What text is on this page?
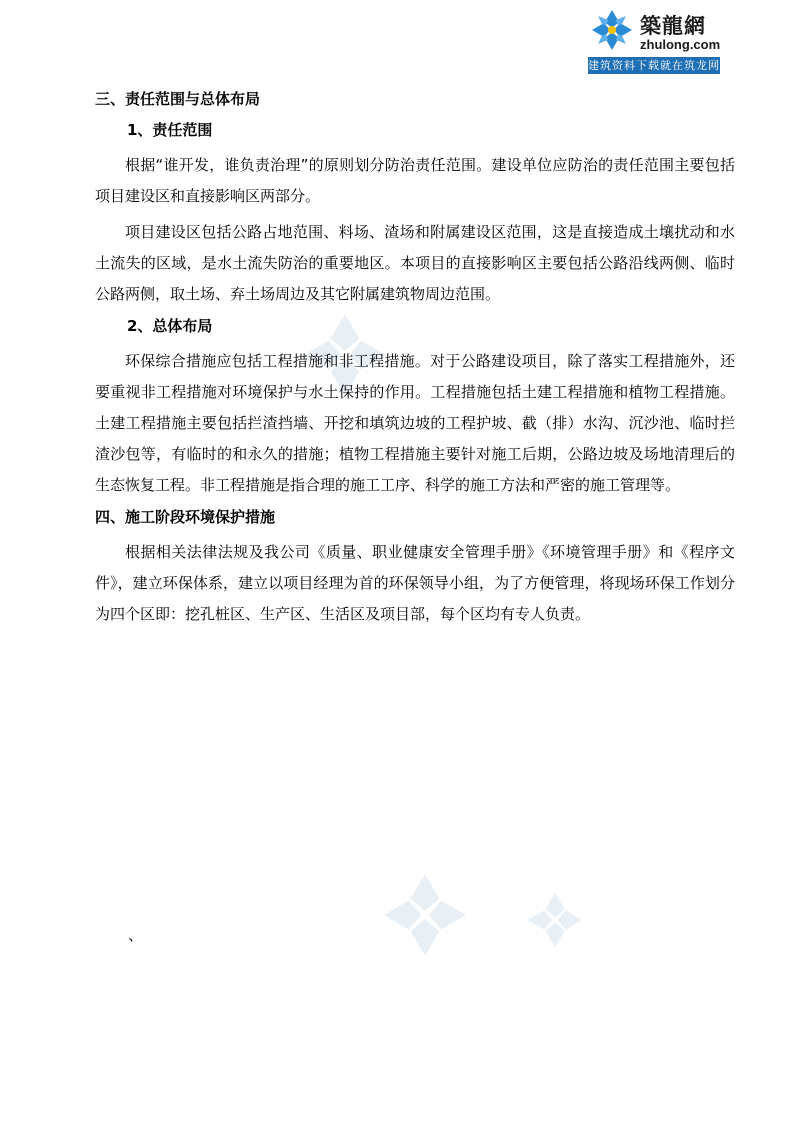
築龍網
zhulong.com
建筑资料下载就在筑龙网
三、责任范围与总体布局
1、责任范围

根据“谁开发，谁负责治理”的原则划分防治责任范围。建设单位应防治的责任范围主要包括项目建设区和直接影响区两部分。

项目建设区包括公路占地范围、料场、渣场和附属建设区范围，这是直接造成土壤扰动和水土流失的区域，是水土流失防治的重要地区。本项目的直接影响区主要包括公路沿线两侧、临时公路两侧，取土场、弃土场周边及其它附属建筑物周边范围。

2、总体布局

环保综合措施应包括工程措施和非工程措施。对于公路建设项目，除了落实工程措施外，还要重视非工程措施对环境保护与水土保持的作用。工程措施包括土建工程措施和植物工程措施。土建工程措施主要包括拦渣挡墙、开挖和填筑边坡的工程护坡、截（排）水沟、沉沙池、临时拦渣沙包等，有临时的和永久的措施；植物工程措施主要针对施工后期，公路边坡及场地清理后的生态恢复工程。非工程措施是指合理的施工工序、科学的施工方法和严密的施工管理等。

四、施工阶段环境保护措施

根据相关法律法规及我公司《质量、职业健康安全管理手册》《环境管理手册》和《程序文件》，建立环保体系，建立以项目经理为首的环保领导小组，为了方便管理，将现场环保工作划分为四个区即：挖孔桩区、生产区、生活区及项目部，每个区均有专人负责。

、
